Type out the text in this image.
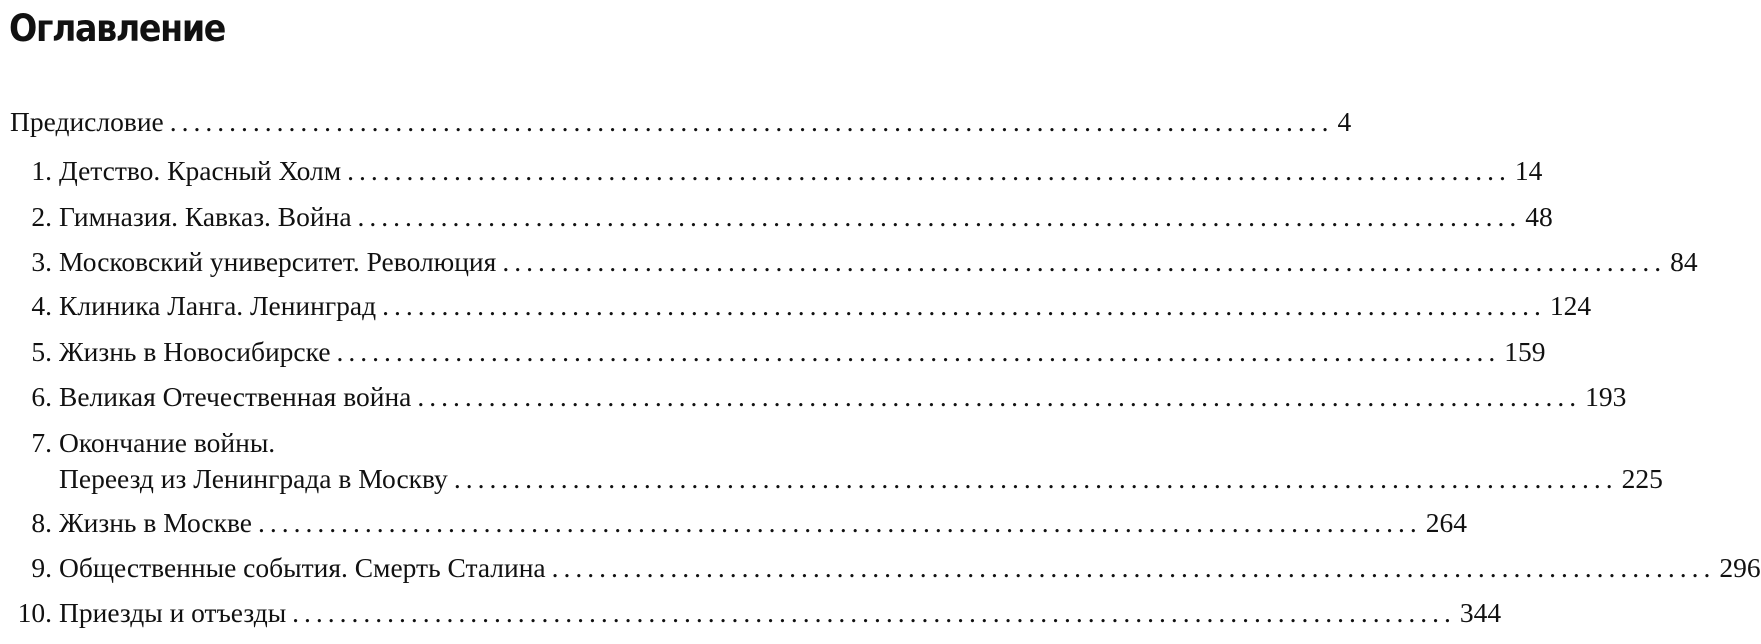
Оглавление
Предисловие .................................................................................................. 4
1. Детство. Красный Холм .................................................................................................. 14
2. Гимназия. Кавказ. Война .................................................................................................. 48
3. Московский университет. Революция .................................................................................................. 84
4. Клиника Ланга. Ленинград .................................................................................................. 124
5. Жизнь в Новосибирске .................................................................................................. 159
6. Великая Отечественная война .................................................................................................. 193
7. Окончание войны.
Переезд из Ленинграда в Москву .................................................................................................. 225
8. Жизнь в Москве .................................................................................................. 264
9. Общественные события. Смерть Сталина .................................................................................................. 296
10. Приезды и отъезды .................................................................................................. 344
